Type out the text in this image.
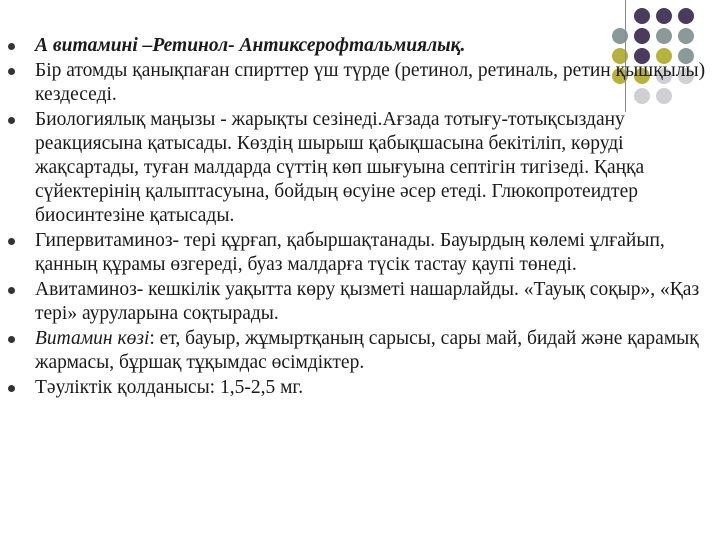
А витамині –Ретинол- Антиксерофтальмиялық.
Бір атомды қанықпаған спирттер үш түрде (ретинол, ретиналь, ретин қышқылы) кездеседі.
Биологиялық маңызы - жарықты сезінеді.Ағзада тотығу-тотықсыздану реакциясына қатысады. Көздің шырыш қабықшасына бекітіліп, көруді жақсартады, туған малдарда сүттің көп шығуына септігін тигізеді. Қаңқа сүйектерінің қалыптасуына, бойдың өсуіне әсер етеді. Глюкопротеидтер биосинтезіне қатысады.
Гипервитаминоз- тері құрғап, қабыршақтанады. Бауырдың көлемі ұлғайып, қанның құрамы өзгереді, буаз малдарға түсік тастау қаупі төнеді.
Авитаминоз- кешкілік уақытта көру қызметі нашарлайды. «Тауық соқыр», «Қаз тері» ауруларына соқтырады.
Витамин көзі: ет, бауыр, жұмыртқаның сарысы, сары май, бидай және қарамық жармасы, бұршақ тұқымдас өсімдіктер.
Тәуліктік қолданысы: 1,5-2,5 мг.
